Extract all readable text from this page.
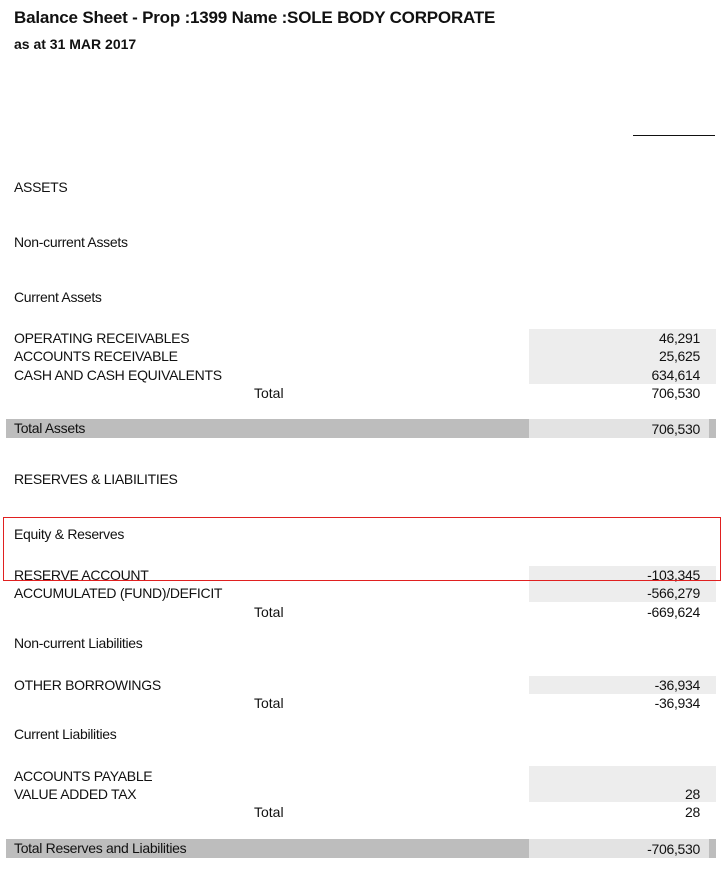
Balance Sheet - Prop :1399 Name :SOLE BODY CORPORATE
as at 31 MAR 2017
ASSETS
Non-current Assets
Current Assets
OPERATING RECEIVABLES	46,291
ACCOUNTS RECEIVABLE	25,625
CASH AND CASH EQUIVALENTS	634,614
Total	706,530
Total Assets	706,530
RESERVES & LIABILITIES
Equity & Reserves
RESERVE ACCOUNT	-103,345
ACCUMULATED (FUND)/DEFICIT	-566,279
Total	-669,624
Non-current Liabilities
OTHER BORROWINGS	-36,934
Total	-36,934
Current Liabilities
ACCOUNTS PAYABLE
VALUE ADDED TAX	28
Total	28
Total Reserves and Liabilities	-706,530
